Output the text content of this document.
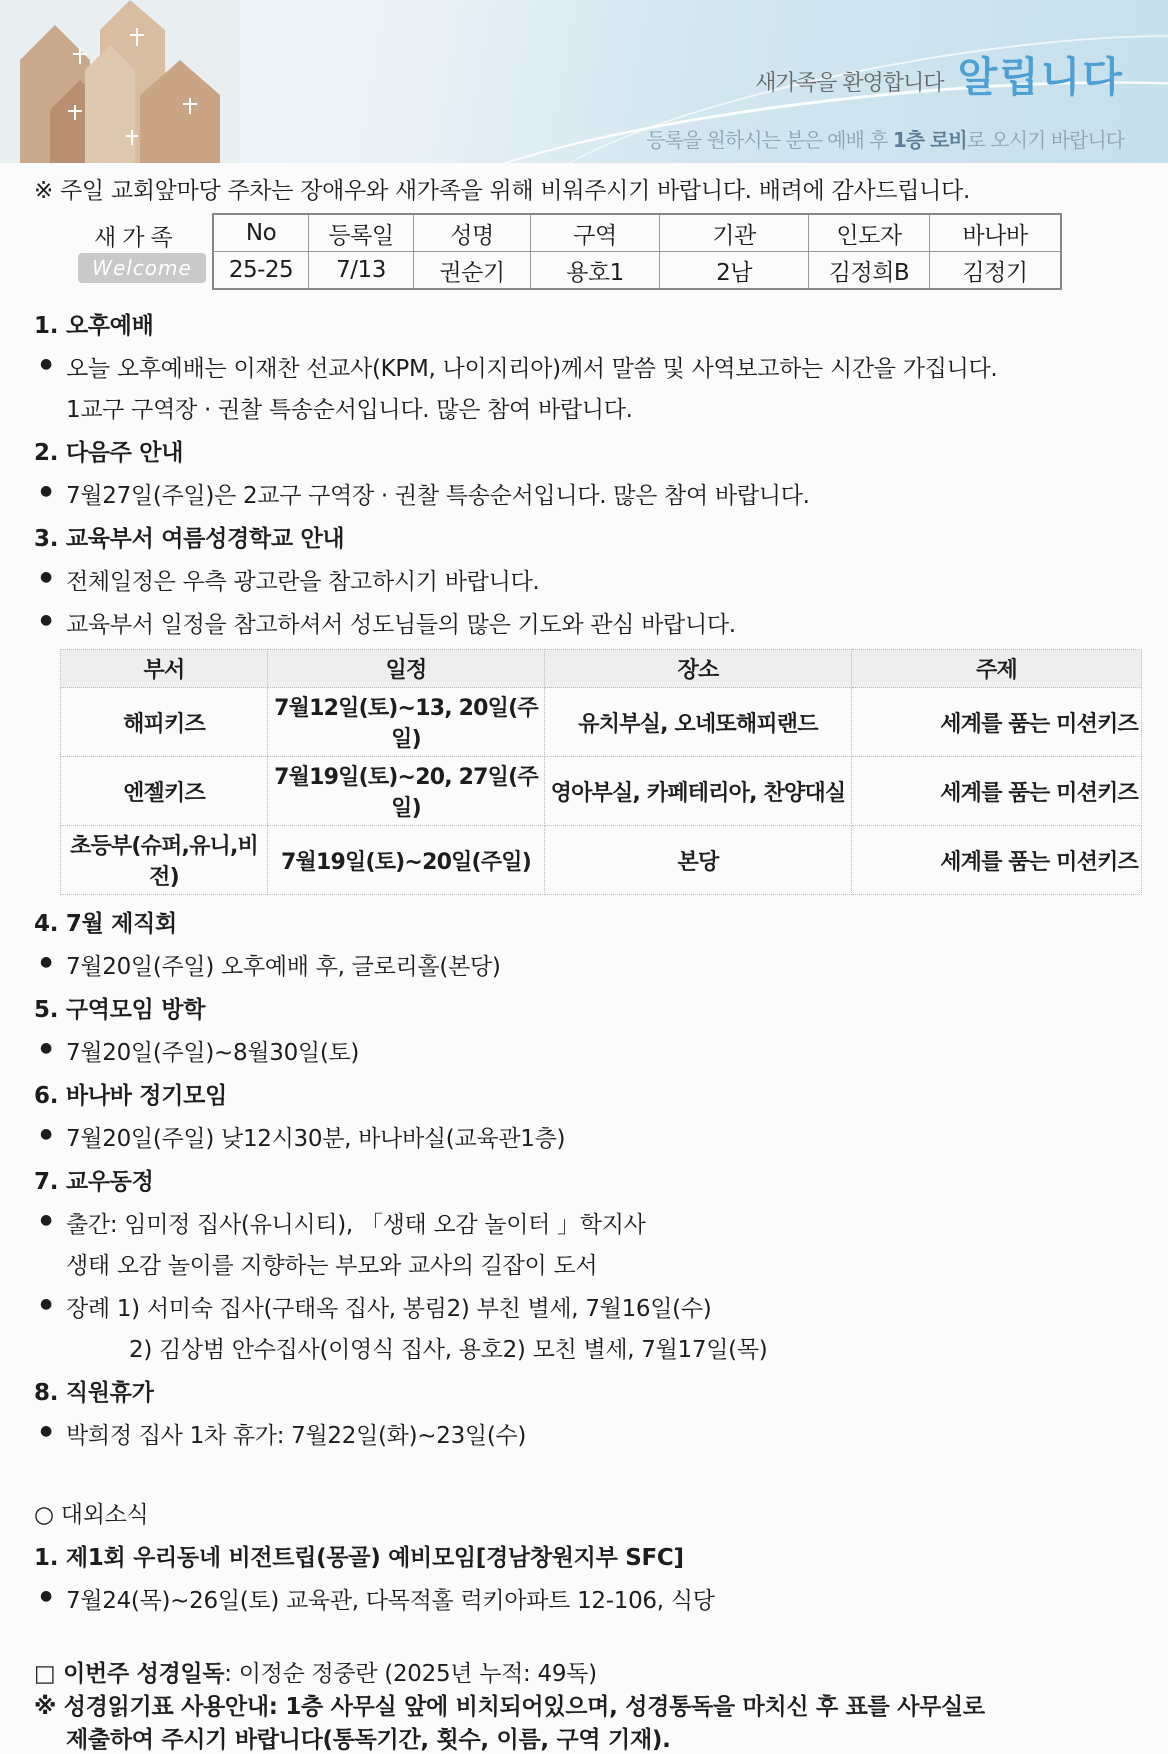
새가족을 환영합니다 알립니다
등록을 원하시는 분은 예배 후 1층 로비로 오시기 바랍니다
※ 주일 교회앞마당 주차는 장애우와 새가족을 위해 비워주시기 바랍니다. 배려에 감사드립니다.
새가족
Welcome
No	등록일	성명	구역	기관	인도자	바나바
25-25	7/13	권순기	용호1	2남	김정희B	김정기
1. 오후예배
● 오늘 오후예배는 이재찬 선교사(KPM, 나이지리아)께서 말씀 및 사역보고하는 시간을 가집니다.
1교구 구역장 · 권찰 특송순서입니다. 많은 참여 바랍니다.
2. 다음주 안내
● 7월27일(주일)은 2교구 구역장 · 권찰 특송순서입니다. 많은 참여 바랍니다.
3. 교육부서 여름성경학교 안내
● 전체일정은 우측 광고란을 참고하시기 바랍니다.
● 교육부서 일정을 참고하셔서 성도님들의 많은 기도와 관심 바랍니다.
부서	일정	장소	주제
해피키즈	7월12일(토)~13, 20일(주일)	유치부실, 오네또해피랜드	세계를 품는 미션키즈
엔젤키즈	7월19일(토)~20, 27일(주일)	영아부실, 카페테리아, 찬양대실	세계를 품는 미션키즈
초등부(슈퍼,유니,비전)	7월19일(토)~20일(주일)	본당	세계를 품는 미션키즈
4. 7월 제직회
● 7월20일(주일) 오후예배 후, 글로리홀(본당)
5. 구역모임 방학
● 7월20일(주일)~8월30일(토)
6. 바나바 정기모임
● 7월20일(주일) 낮12시30분, 바나바실(교육관1층)
7. 교우동정
● 출간: 임미정 집사(유니시티), 「생태 오감 놀이터 」학지사
생태 오감 놀이를 지향하는 부모와 교사의 길잡이 도서
● 장례 1) 서미숙 집사(구태옥 집사, 봉림2) 부친 별세, 7월16일(수)
2) 김상범 안수집사(이영식 집사, 용호2) 모친 별세, 7월17일(목)
8. 직원휴가
● 박희정 집사 1차 휴가: 7월22일(화)~23일(수)
○ 대외소식
1. 제1회 우리동네 비전트립(몽골) 예비모임[경남창원지부 SFC]
● 7월24(목)~26일(토) 교육관, 다목적홀 럭키아파트 12-106, 식당
□ 이번주 성경일독: 이정순 정중란 (2025년 누적: 49독)
※ 성경읽기표 사용안내: 1층 사무실 앞에 비치되어있으며, 성경통독을 마치신 후 표를 사무실로
제출하여 주시기 바랍니다(통독기간, 횟수, 이름, 구역 기재).
